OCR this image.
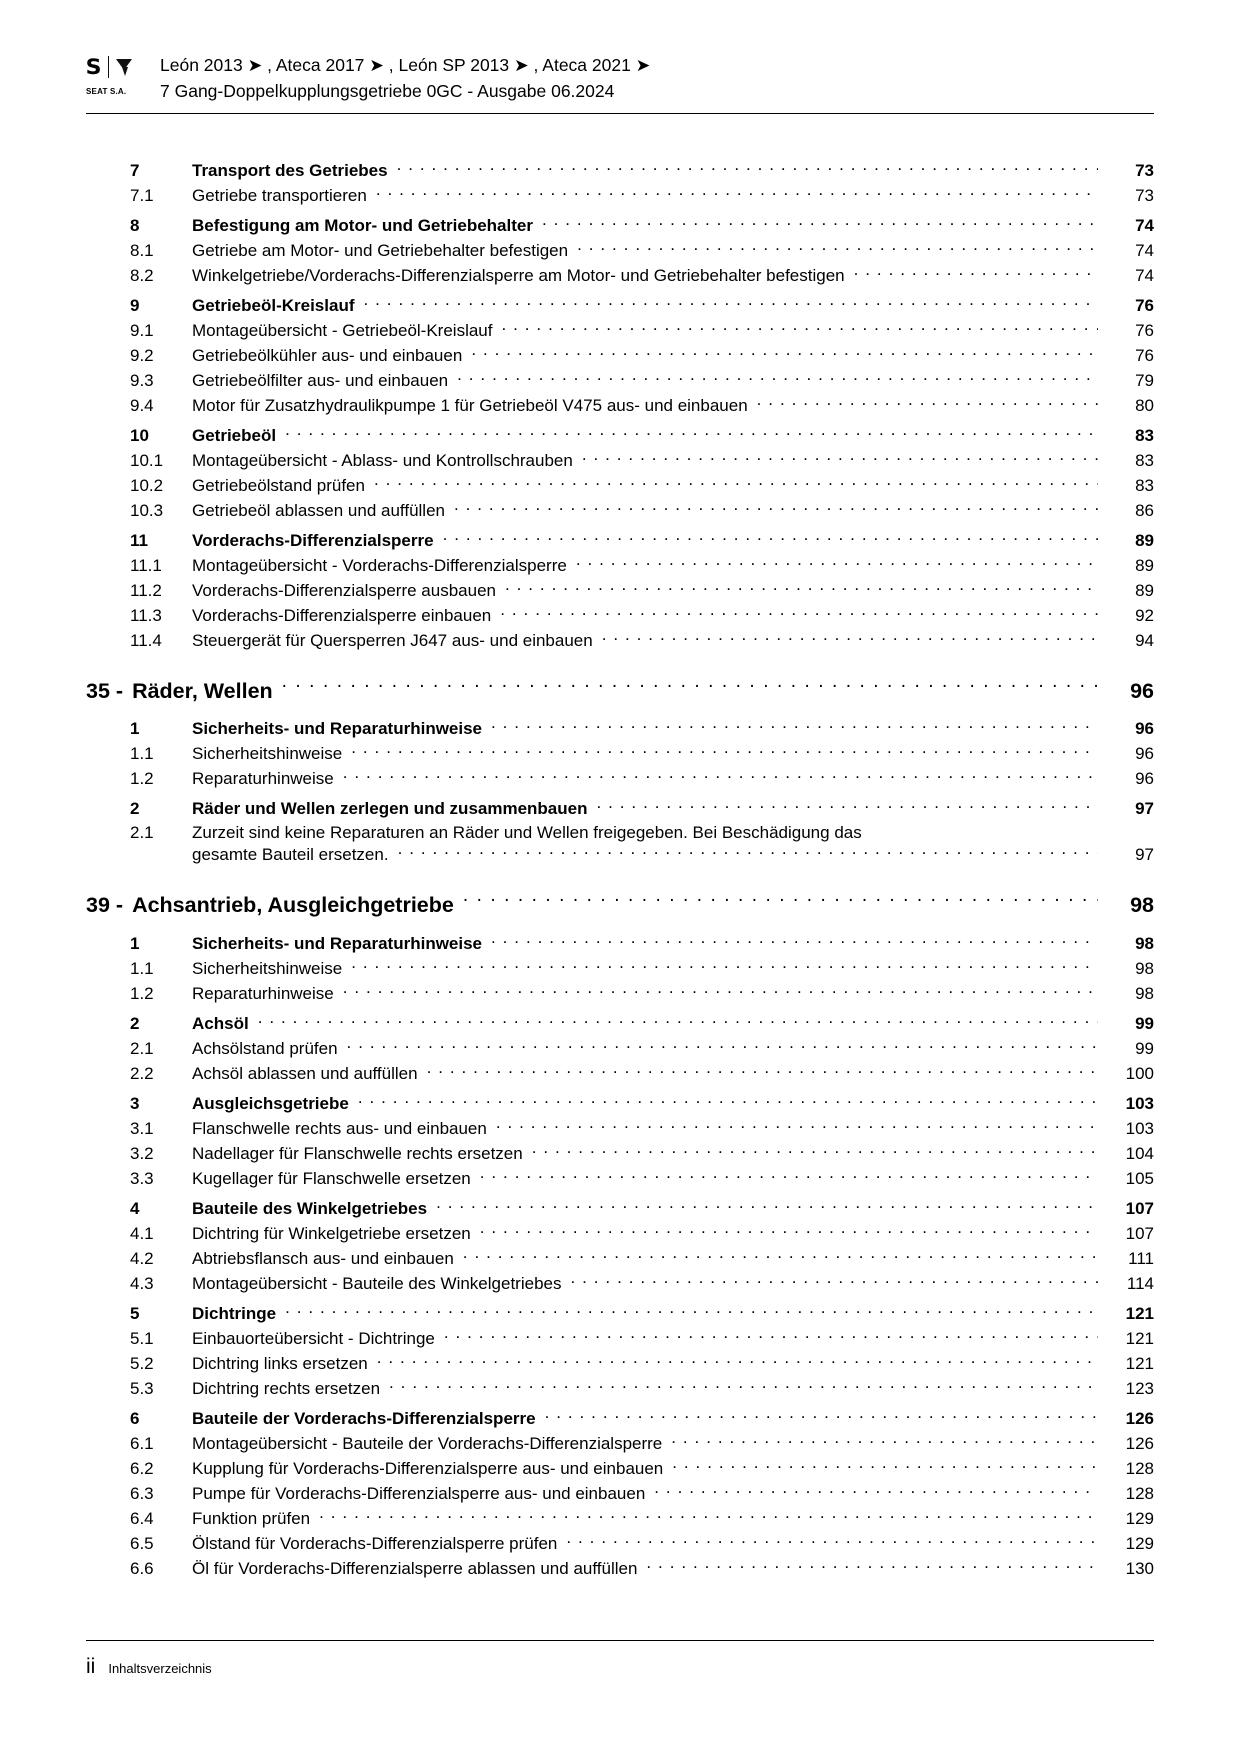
S
SEAT S.A.
León 2013 ➤ , Ateca 2017 ➤ , León SP 2013 ➤ , Ateca 2021 ➤
7 Gang-Doppelkupplungsgetriebe 0GC - Ausgabe 06.2024
7	Transport des Getriebes . . .	73
7.1	Getriebe transportieren . . .	73
8	Befestigung am Motor- und Getriebehalter . . .	74
8.1	Getriebe am Motor- und Getriebehalter befestigen . . .	74
8.2	Winkelgetriebe/Vorderachs-Differenzialsperre am Motor- und Getriebehalter befestigen . . .	74
9	Getriebeöl-Kreislauf . . .	76
9.1	Montageübersicht - Getriebeöl-Kreislauf . . .	76
9.2	Getriebeölkühler aus- und einbauen . . .	76
9.3	Getriebeölfilter aus- und einbauen . . .	79
9.4	Motor für Zusatzhydraulikpumpe 1 für Getriebeöl V475 aus- und einbauen . . .	80
10	Getriebeöl . . .	83
10.1	Montageübersicht - Ablass- und Kontrollschrauben . . .	83
10.2	Getriebeölstand prüfen . . .	83
10.3	Getriebeöl ablassen und auffüllen . . .	86
11	Vorderachs-Differenzialsperre . . .	89
11.1	Montageübersicht - Vorderachs-Differenzialsperre . . .	89
11.2	Vorderachs-Differenzialsperre ausbauen . . .	89
11.3	Vorderachs-Differenzialsperre einbauen . . .	92
11.4	Steuergerät für Quersperren J647 aus- und einbauen . . .	94
35 - Räder, Wellen . . .	96
1	Sicherheits- und Reparaturhinweise . . .	96
1.1	Sicherheitshinweise . . .	96
1.2	Reparaturhinweise . . .	96
2	Räder und Wellen zerlegen und zusammenbauen . . .	97
2.1	Zurzeit sind keine Reparaturen an Räder und Wellen freigegeben. Bei Beschädigung das
gesamte Bauteil ersetzen. . . .	97
39 - Achsantrieb, Ausgleichgetriebe . . .	98
1	Sicherheits- und Reparaturhinweise . . .	98
1.1	Sicherheitshinweise . . .	98
1.2	Reparaturhinweise . . .	98
2	Achsöl . . .	99
2.1	Achsölstand prüfen . . .	99
2.2	Achsöl ablassen und auffüllen . . .	100
3	Ausgleichsgetriebe . . .	103
3.1	Flanschwelle rechts aus- und einbauen . . .	103
3.2	Nadellager für Flanschwelle rechts ersetzen . . .	104
3.3	Kugellager für Flanschwelle ersetzen . . .	105
4	Bauteile des Winkelgetriebes . . .	107
4.1	Dichtring für Winkelgetriebe ersetzen . . .	107
4.2	Abtriebsflansch aus- und einbauen . . .	111
4.3	Montageübersicht - Bauteile des Winkelgetriebes . . .	114
5	Dichtringe . . .	121
5.1	Einbauorteübersicht - Dichtringe . . .	121
5.2	Dichtring links ersetzen . . .	121
5.3	Dichtring rechts ersetzen . . .	123
6	Bauteile der Vorderachs-Differenzialsperre . . .	126
6.1	Montageübersicht - Bauteile der Vorderachs-Differenzialsperre . . .	126
6.2	Kupplung für Vorderachs-Differenzialsperre aus- und einbauen . . .	128
6.3	Pumpe für Vorderachs-Differenzialsperre aus- und einbauen . . .	128
6.4	Funktion prüfen . . .	129
6.5	Ölstand für Vorderachs-Differenzialsperre prüfen . . .	129
6.6	Öl für Vorderachs-Differenzialsperre ablassen und auffüllen . . .	130
ii	Inhaltsverzeichnis
